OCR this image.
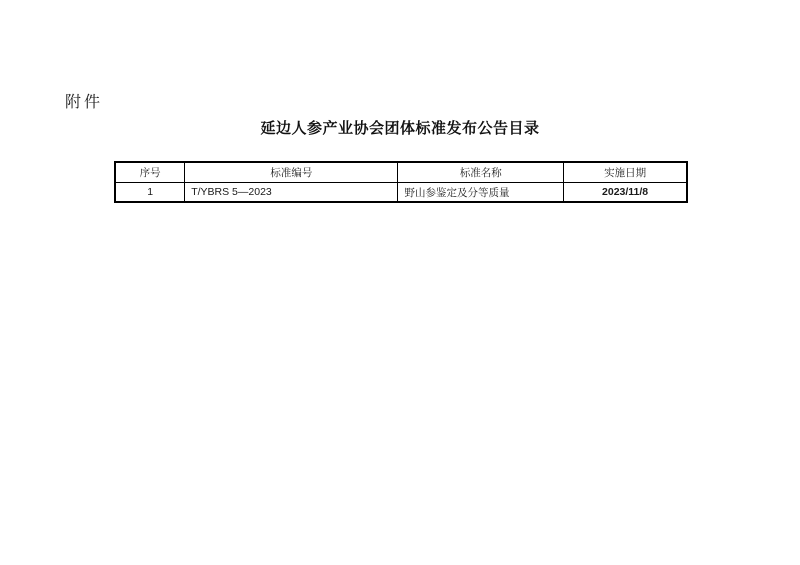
附件
延边人参产业协会团体标准发布公告目录
序号	标准编号	标准名称	实施日期
1	T/YBRS 5—2023	野山参鉴定及分等质量	2023/11/8
